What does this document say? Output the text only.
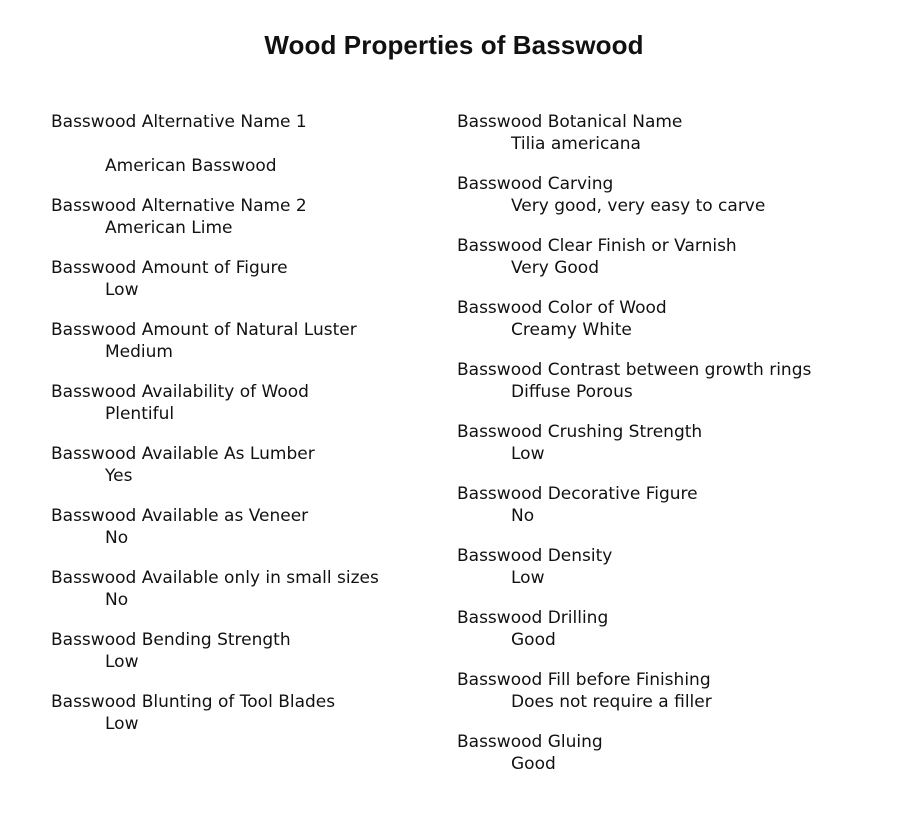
Wood Properties of Basswood
Basswood Alternative Name 1
American Basswood
Basswood Alternative Name 2
American Lime
Basswood Amount of Figure
Low
Basswood Amount of Natural Luster
Medium
Basswood Availability of Wood
Plentiful
Basswood Available As Lumber
Yes
Basswood Available as Veneer
No
Basswood Available only in small sizes
No
Basswood Bending Strength
Low
Basswood Blunting of Tool Blades
Low
Basswood Botanical Name
Tilia americana
Basswood Carving
Very good, very easy to carve
Basswood Clear Finish or Varnish
Very Good
Basswood Color of Wood
Creamy White
Basswood Contrast between growth rings
Diffuse Porous
Basswood Crushing Strength
Low
Basswood Decorative Figure
No
Basswood Density
Low
Basswood Drilling
Good
Basswood Fill before Finishing
Does not require a filler
Basswood Gluing
Good
